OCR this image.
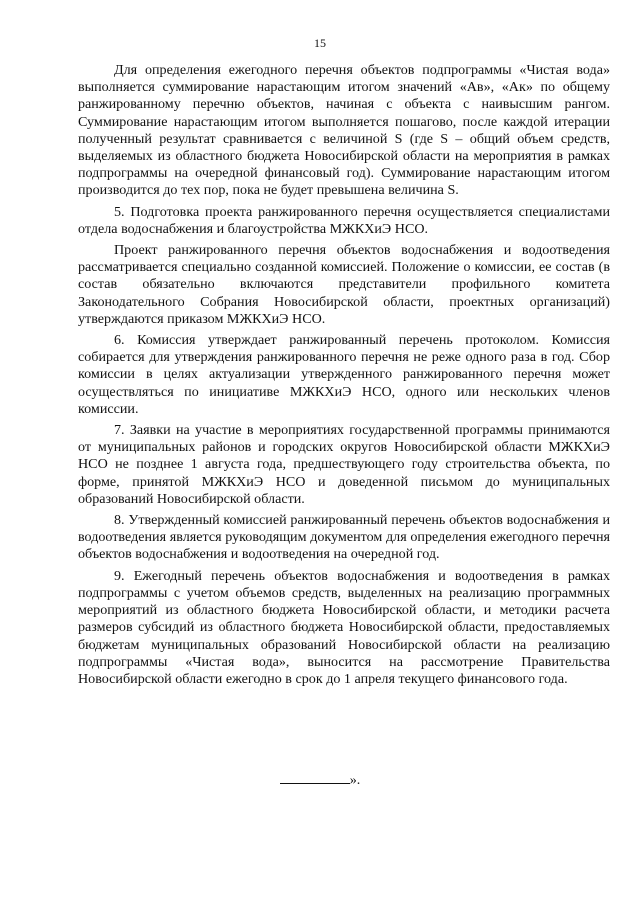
15

Для определения ежегодного перечня объектов подпрограммы «Чистая вода» выполняется суммирование нарастающим итогом значений «Ав», «Ак» по общему ранжированному перечню объектов, начиная с объекта с наивысшим рангом. Суммирование нарастающим итогом выполняется пошагово, после каждой итерации полученный результат сравнивается с величиной S (где S – общий объем средств, выделяемых из областного бюджета Новосибирской области на мероприятия в рамках подпрограммы на очередной финансовый год). Суммирование нарастающим итогом производится до тех пор, пока не будет превышена величина S.

5. Подготовка проекта ранжированного перечня осуществляется специалистами отдела водоснабжения и благоустройства МЖКХиЭ НСО.

Проект ранжированного перечня объектов водоснабжения и водоотведения рассматривается специально созданной комиссией. Положение о комиссии, ее состав (в состав обязательно включаются представители профильного комитета Законодательного Собрания Новосибирской области, проектных организаций) утверждаются приказом МЖКХиЭ НСО.

6. Комиссия утверждает ранжированный перечень протоколом. Комиссия собирается для утверждения ранжированного перечня не реже одного раза в год. Сбор комиссии в целях актуализации утвержденного ранжированного перечня может осуществляться по инициативе МЖКХиЭ НСО, одного или нескольких членов комиссии.

7. Заявки на участие в мероприятиях государственной программы принимаются от муниципальных районов и городских округов Новосибирской области МЖКХиЭ НСО не позднее 1 августа года, предшествующего году строительства объекта, по форме, принятой МЖКХиЭ НСО и доведенной письмом до муниципальных образований Новосибирской области.

8. Утвержденный комиссией ранжированный перечень объектов водоснабжения и водоотведения является руководящим документом для определения ежегодного перечня объектов водоснабжения и водоотведения на очередной год.

9. Ежегодный перечень объектов водоснабжения и водоотведения в рамках подпрограммы с учетом объемов средств, выделенных на реализацию программных мероприятий из областного бюджета Новосибирской области, и методики расчета размеров субсидий из областного бюджета Новосибирской области, предоставляемых бюджетам муниципальных образований Новосибирской области на реализацию подпрограммы «Чистая вода», выносится на рассмотрение Правительства Новосибирской области ежегодно в срок до 1 апреля текущего финансового года.

».
